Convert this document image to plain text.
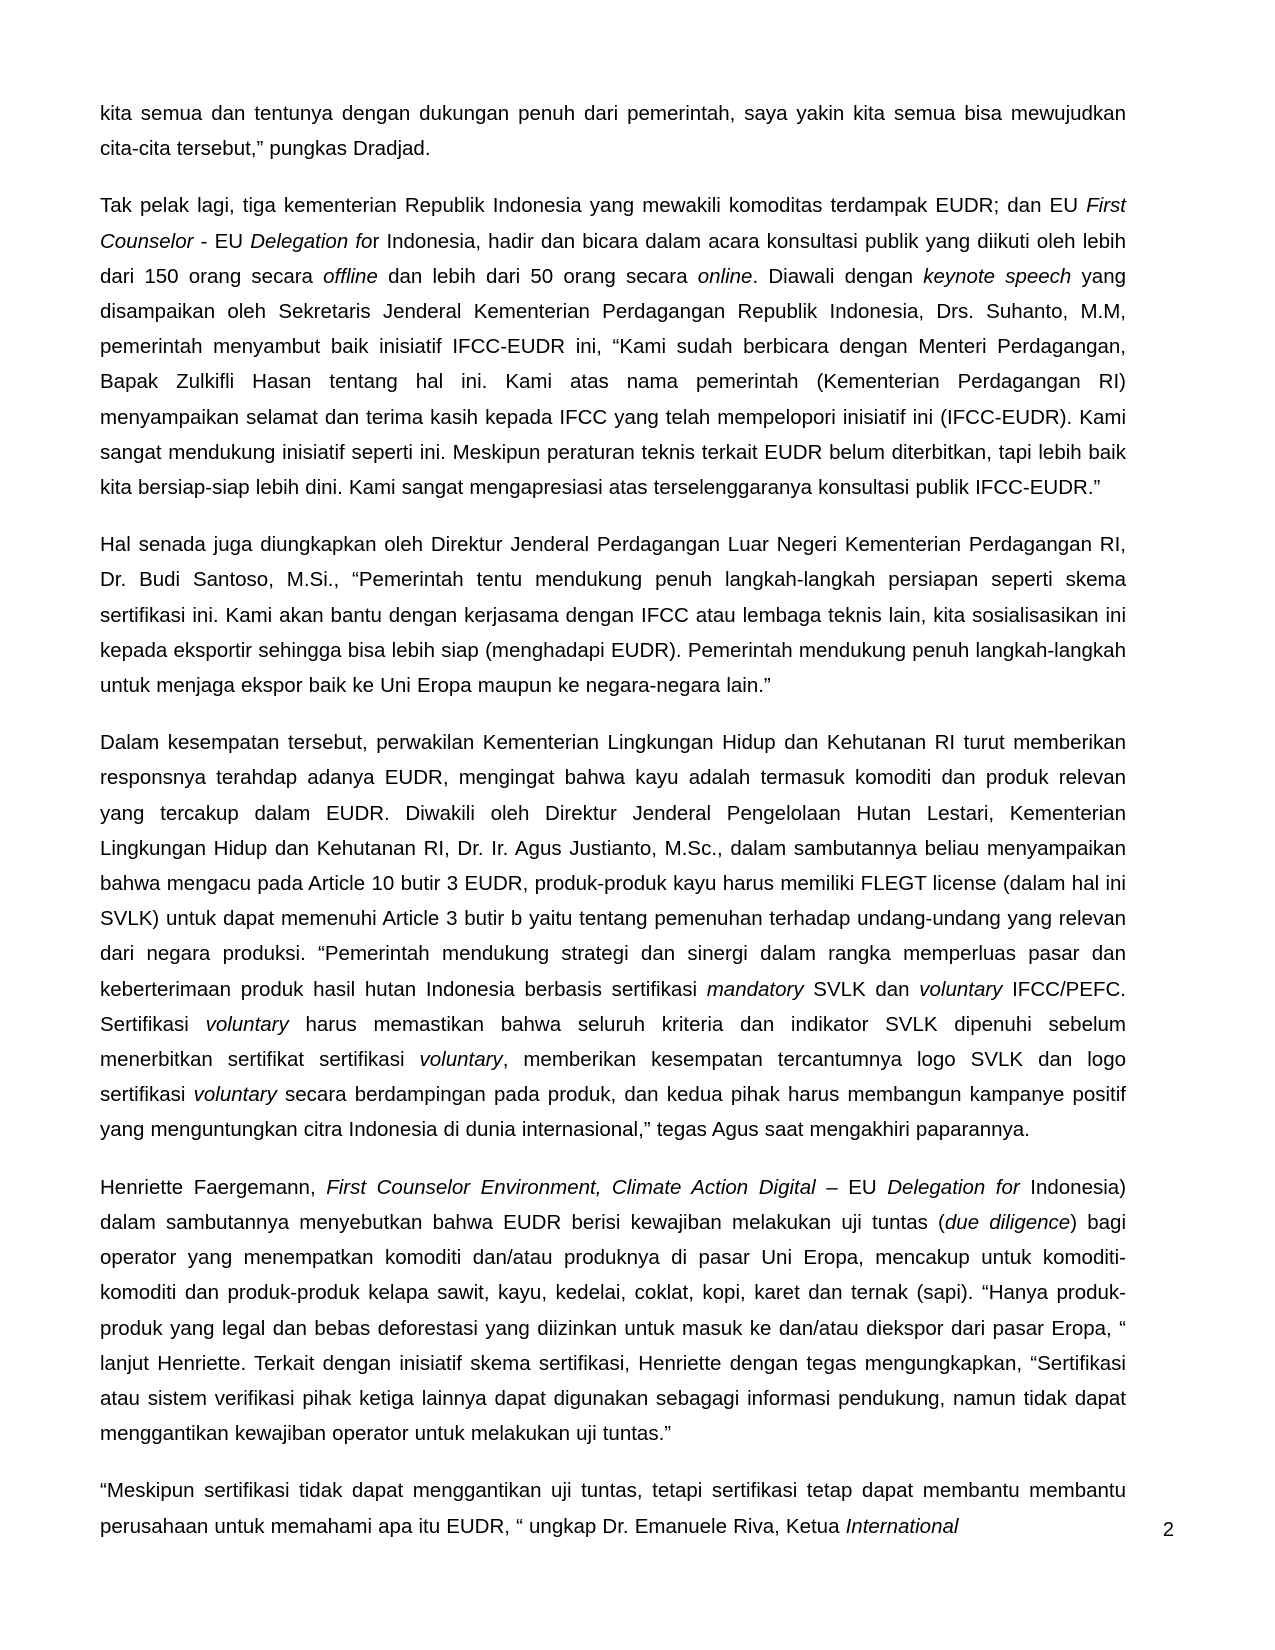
kita semua dan tentunya dengan dukungan penuh dari pemerintah, saya yakin kita semua bisa mewujudkan cita-cita tersebut,” pungkas Dradjad.

Tak pelak lagi, tiga kementerian Republik Indonesia yang mewakili komoditas terdampak EUDR; dan EU First Counselor - EU Delegation for Indonesia, hadir dan bicara dalam acara konsultasi publik yang diikuti oleh lebih dari 150 orang secara offline dan lebih dari 50 orang secara online. Diawali dengan keynote speech yang disampaikan oleh Sekretaris Jenderal Kementerian Perdagangan Republik Indonesia, Drs. Suhanto, M.M, pemerintah menyambut baik inisiatif IFCC-EUDR ini, “Kami sudah berbicara dengan Menteri Perdagangan, Bapak Zulkifli Hasan tentang hal ini. Kami atas nama pemerintah (Kementerian Perdagangan RI) menyampaikan selamat dan terima kasih kepada IFCC yang telah mempelopori inisiatif ini (IFCC-EUDR). Kami sangat mendukung inisiatif seperti ini. Meskipun peraturan teknis terkait EUDR belum diterbitkan, tapi lebih baik kita bersiap-siap lebih dini. Kami sangat mengapresiasi atas terselenggaranya konsultasi publik IFCC-EUDR.”

Hal senada juga diungkapkan oleh Direktur Jenderal Perdagangan Luar Negeri Kementerian Perdagangan RI, Dr. Budi Santoso, M.Si., “Pemerintah tentu mendukung penuh langkah-langkah persiapan seperti skema sertifikasi ini. Kami akan bantu dengan kerjasama dengan IFCC atau lembaga teknis lain, kita sosialisasikan ini kepada eksportir sehingga bisa lebih siap (menghadapi EUDR). Pemerintah mendukung penuh langkah-langkah untuk menjaga ekspor baik ke Uni Eropa maupun ke negara-negara lain.”

Dalam kesempatan tersebut, perwakilan Kementerian Lingkungan Hidup dan Kehutanan RI turut memberikan responsnya terahdap adanya EUDR, mengingat bahwa kayu adalah termasuk komoditi dan produk relevan yang tercakup dalam EUDR. Diwakili oleh Direktur Jenderal Pengelolaan Hutan Lestari, Kementerian Lingkungan Hidup dan Kehutanan RI, Dr. Ir. Agus Justianto, M.Sc., dalam sambutannya beliau menyampaikan bahwa mengacu pada Article 10 butir 3 EUDR, produk-produk kayu harus memiliki FLEGT license (dalam hal ini SVLK) untuk dapat memenuhi Article 3 butir b yaitu tentang pemenuhan terhadap undang-undang yang relevan dari negara produksi. “Pemerintah mendukung strategi dan sinergi dalam rangka memperluas pasar dan keberterimaan produk hasil hutan Indonesia berbasis sertifikasi mandatory SVLK dan voluntary IFCC/PEFC. Sertifikasi voluntary harus memastikan bahwa seluruh kriteria dan indikator SVLK dipenuhi sebelum menerbitkan sertifikat sertifikasi voluntary, memberikan kesempatan tercantumnya logo SVLK dan logo sertifikasi voluntary secara berdampingan pada produk, dan kedua pihak harus membangun kampanye positif yang menguntungkan citra Indonesia di dunia internasional,” tegas Agus saat mengakhiri paparannya.

Henriette Faergemann, First Counselor Environment, Climate Action Digital – EU Delegation for Indonesia) dalam sambutannya menyebutkan bahwa EUDR berisi kewajiban melakukan uji tuntas (due diligence) bagi operator yang menempatkan komoditi dan/atau produknya di pasar Uni Eropa, mencakup untuk komoditi-komoditi dan produk-produk kelapa sawit, kayu, kedelai, coklat, kopi, karet dan ternak (sapi). “Hanya produk-produk yang legal dan bebas deforestasi yang diizinkan untuk masuk ke dan/atau diekspor dari pasar Eropa, “ lanjut Henriette. Terkait dengan inisiatif skema sertifikasi, Henriette dengan tegas mengungkapkan, “Sertifikasi atau sistem verifikasi pihak ketiga lainnya dapat digunakan sebagagi informasi pendukung, namun tidak dapat menggantikan kewajiban operator untuk melakukan uji tuntas.”

“Meskipun sertifikasi tidak dapat menggantikan uji tuntas, tetapi sertifikasi tetap dapat membantu membantu perusahaan untuk memahami apa itu EUDR, “ ungkap Dr. Emanuele Riva, Ketua International	2
